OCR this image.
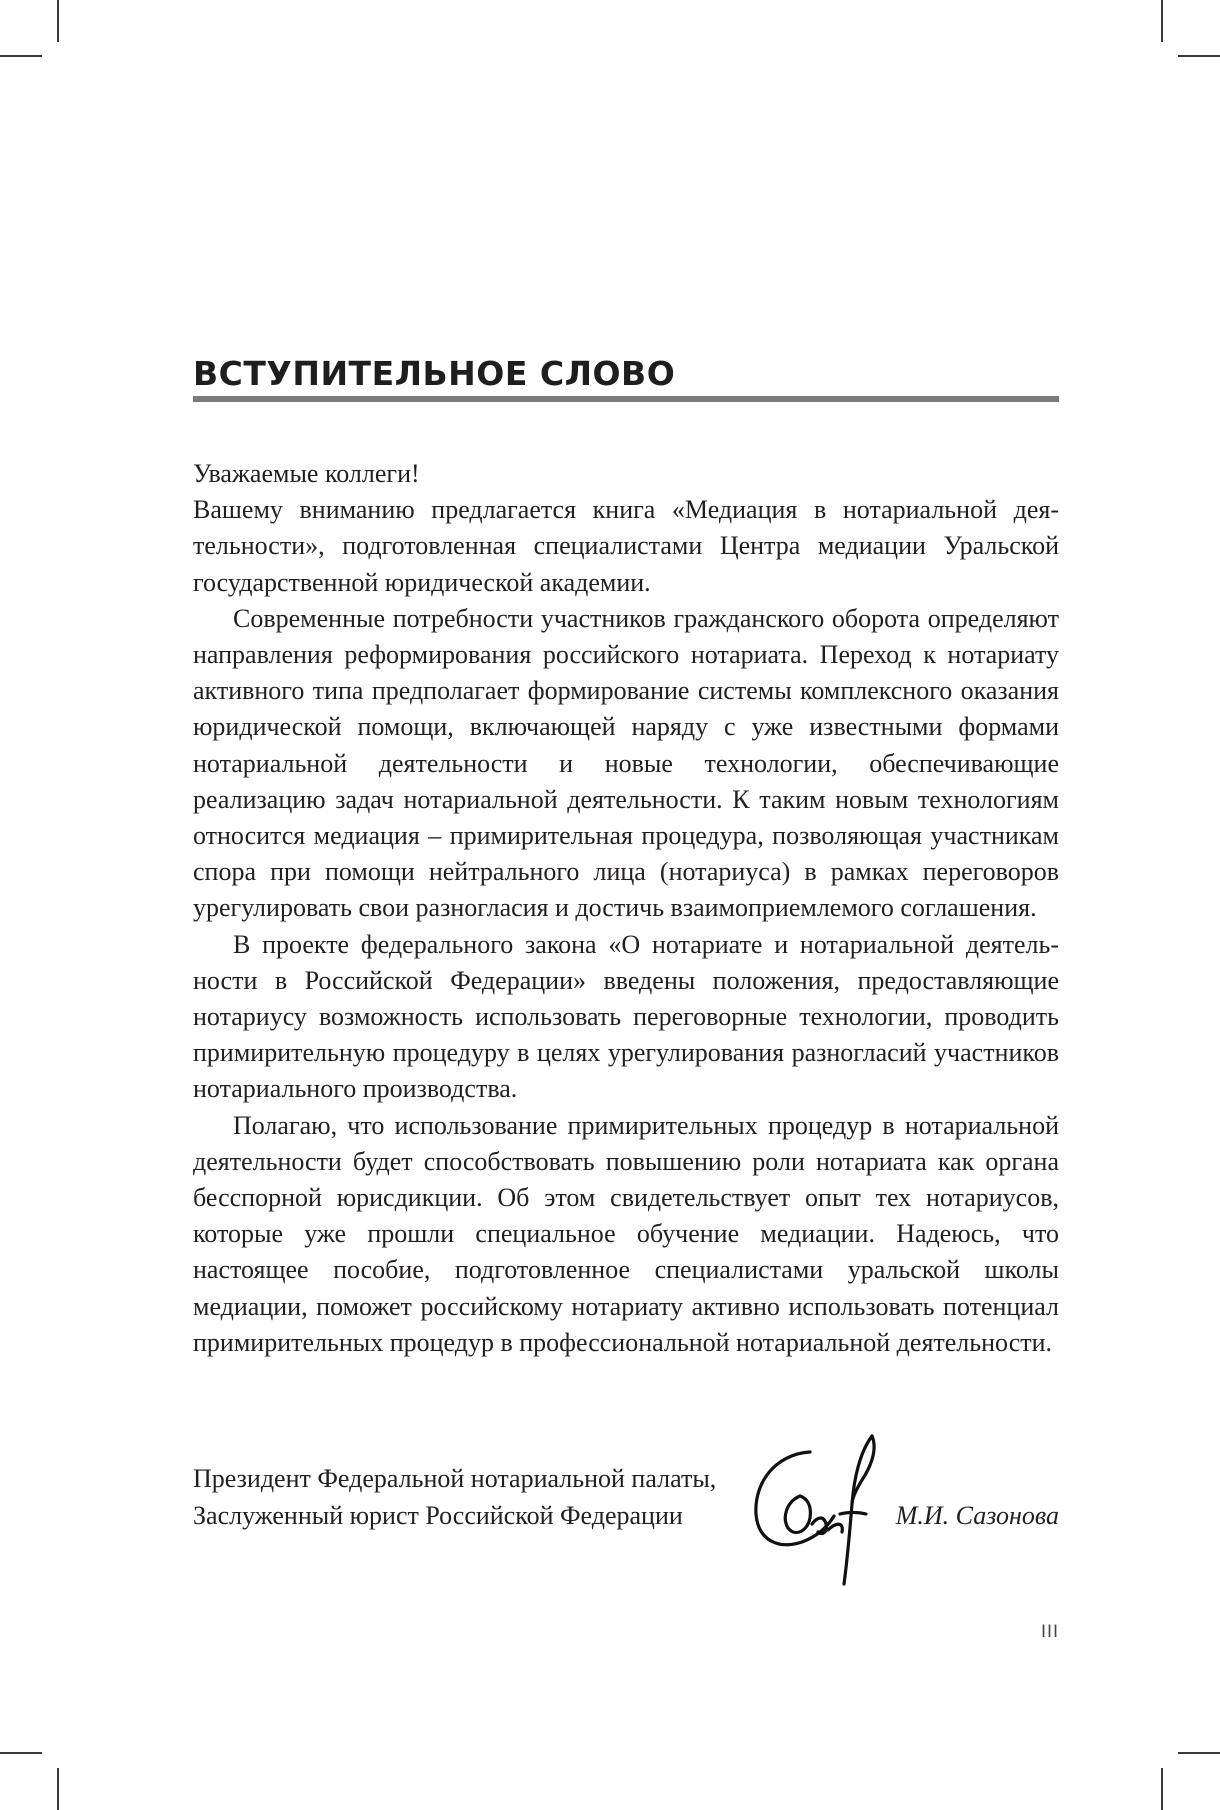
ВСТУПИТЕЛЬНОЕ СЛОВО

Уважаемые коллеги!

Вашему вниманию предлагается книга «Медиация в нотариальной деятельности», подготовленная специалистами Центра медиации Уральской государственной юридической академии.

Современные потребности участников гражданского оборота определяют направления реформирования российского нотариата. Переход к нотариату активного типа предполагает формирование системы комплексного оказания юридической помощи, включающей наряду с уже известными формами нотариальной деятельности и новые технологии, обеспечивающие реализацию задач нотариальной деятельности. К таким новым технологиям относится медиация – примирительная процедура, позволяющая участникам спора при помощи нейтрального лица (нотариуса) в рамках переговоров урегулировать свои разногласия и достичь взаимоприемлемого соглашения.

В проекте федерального закона «О нотариате и нотариальной деятельности в Российской Федерации» введены положения, предоставляющие нотариусу возможность использовать переговорные технологии, проводить примирительную процедуру в целях урегулирования разногласий участников нотариального производства.

Полагаю, что использование примирительных процедур в нотариальной деятельности будет способствовать повышению роли нотариата как органа бесспорной юрисдикции. Об этом свидетельствует опыт тех нотариусов, которые уже прошли специальное обучение медиации. Надеюсь, что настоящее пособие, подготовленное специалистами уральской школы медиации, поможет российскому нотариату активно использовать потенциал примирительных процедур в профессиональной нотариальной деятельности.

Президент Федеральной нотариальной палаты,
Заслуженный юрист Российской Федерации	М.И. Сазонова
III
